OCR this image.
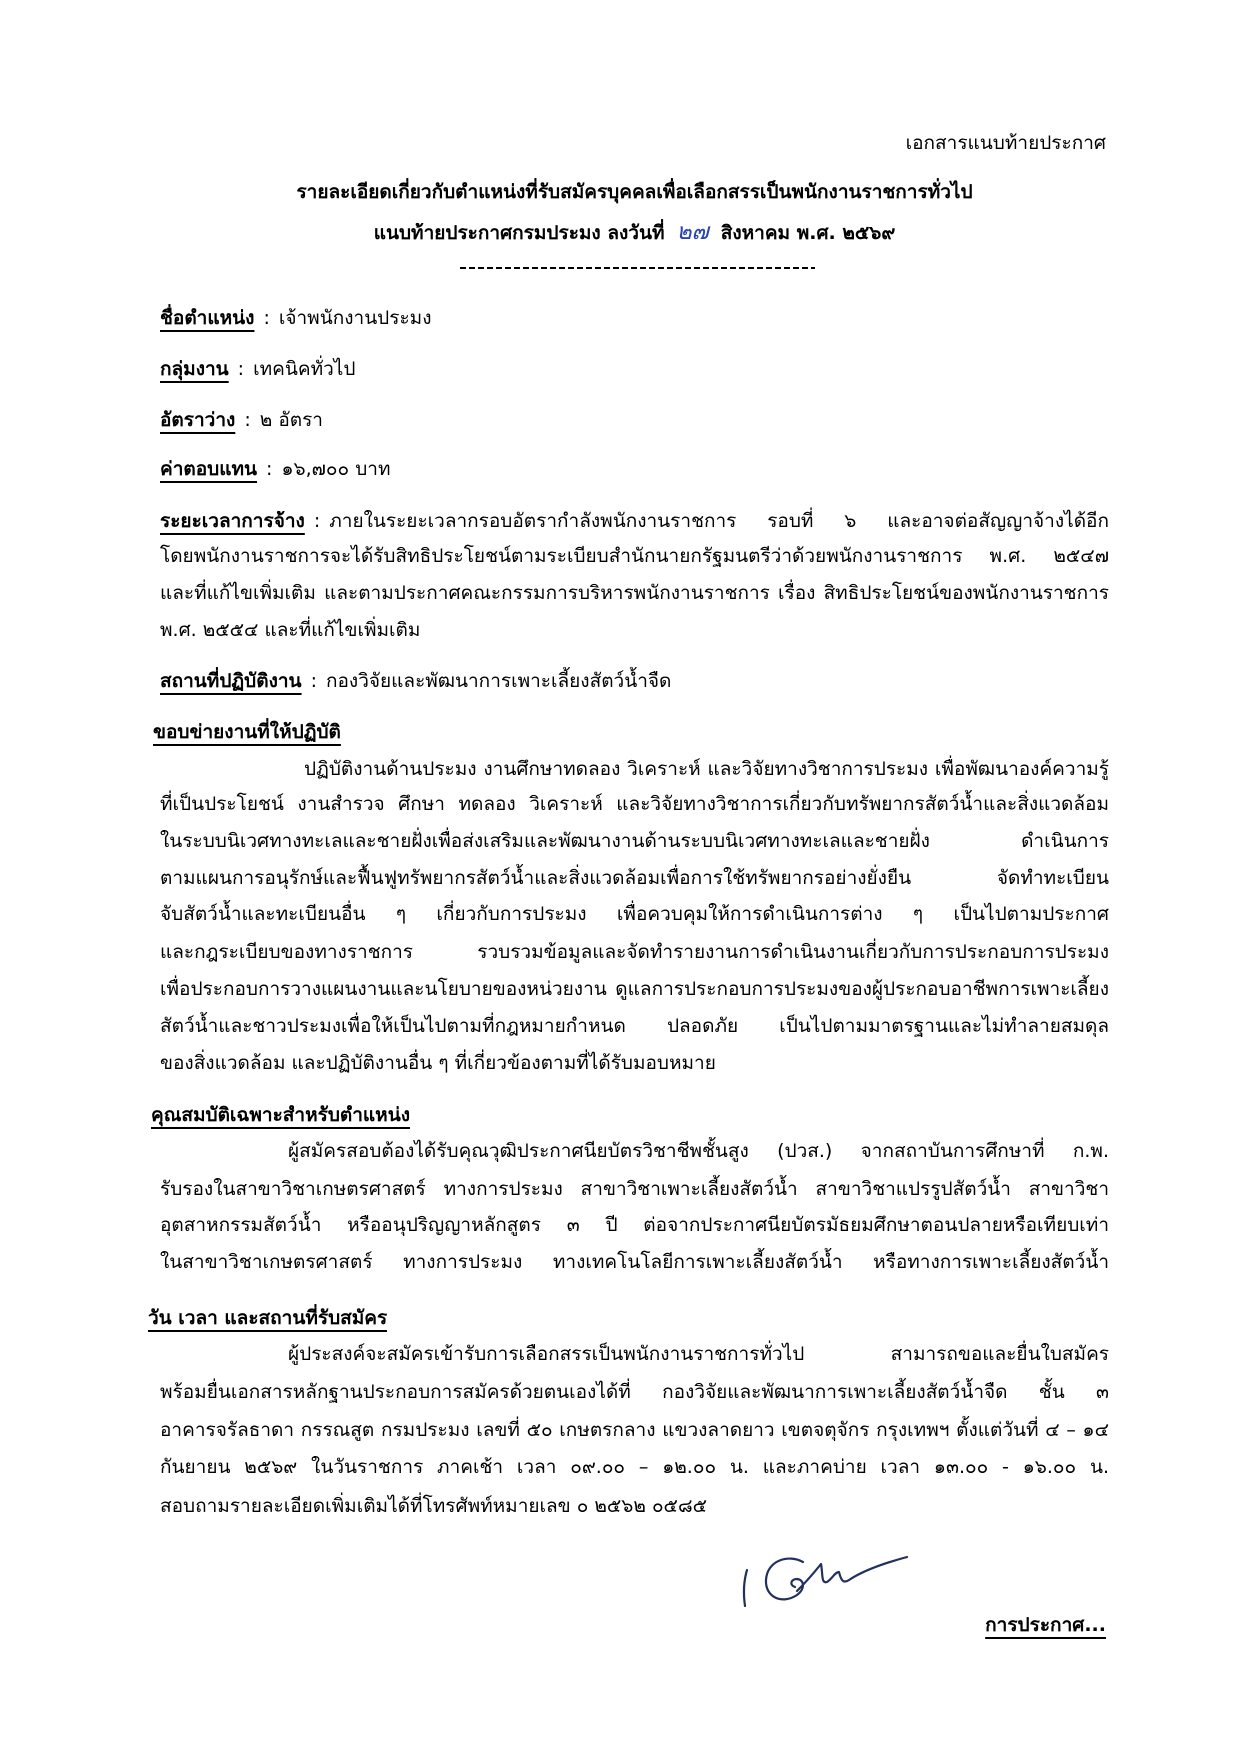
เอกสารแนบท้ายประกาศ
รายละเอียดเกี่ยวกับตำแหน่งที่รับสมัครบุคคลเพื่อเลือกสรรเป็นพนักงานราชการทั่วไป
แนบท้ายประกาศกรมประมง ลงวันที่ ๒๗ สิงหาคม พ.ศ. ๒๕๖๙
ชื่อตำแหน่ง : เจ้าพนักงานประมง
กลุ่มงาน : เทคนิคทั่วไป
อัตราว่าง : ๒ อัตรา
ค่าตอบแทน : ๑๖,๗๐๐ บาท
ระยะเวลาการจ้าง : ภายในระยะเวลากรอบอัตรากำลังพนักงานราชการ รอบที่ ๖ และอาจต่อสัญญาจ้างได้อีก
โดยพนักงานราชการจะได้รับสิทธิประโยชน์ตามระเบียบสำนักนายกรัฐมนตรีว่าด้วยพนักงานราชการ พ.ศ. ๒๕๔๗
และที่แก้ไขเพิ่มเติม และตามประกาศคณะกรรมการบริหารพนักงานราชการ เรื่อง สิทธิประโยชน์ของพนักงานราชการ
พ.ศ. ๒๕๕๔ และที่แก้ไขเพิ่มเติม
สถานที่ปฏิบัติงาน : กองวิจัยและพัฒนาการเพาะเลี้ยงสัตว์น้ำจืด
ขอบข่ายงานที่ให้ปฏิบัติ
ปฏิบัติงานด้านประมง งานศึกษาทดลอง วิเคราะห์ และวิจัยทางวิชาการประมง เพื่อพัฒนาองค์ความรู้
ที่เป็นประโยชน์ งานสำรวจ ศึกษา ทดลอง วิเคราะห์ และวิจัยทางวิชาการเกี่ยวกับทรัพยากรสัตว์น้ำและสิ่งแวดล้อม
ในระบบนิเวศทางทะเลและชายฝั่งเพื่อส่งเสริมและพัฒนางานด้านระบบนิเวศทางทะเลและชายฝั่ง ดำเนินการ
ตามแผนการอนุรักษ์และฟื้นฟูทรัพยากรสัตว์น้ำและสิ่งแวดล้อมเพื่อการใช้ทรัพยากรอย่างยั่งยืน จัดทำทะเบียน
จับสัตว์น้ำและทะเบียนอื่น ๆ เกี่ยวกับการประมง เพื่อควบคุมให้การดำเนินการต่าง ๆ เป็นไปตามประกาศ
และกฎระเบียบของทางราชการ รวบรวมข้อมูลและจัดทำรายงานการดำเนินงานเกี่ยวกับการประกอบการประมง
เพื่อประกอบการวางแผนงานและนโยบายของหน่วยงาน ดูแลการประกอบการประมงของผู้ประกอบอาชีพการเพาะเลี้ยง
สัตว์น้ำและชาวประมงเพื่อให้เป็นไปตามที่กฎหมายกำหนด ปลอดภัย เป็นไปตามมาตรฐานและไม่ทำลายสมดุล
ของสิ่งแวดล้อม และปฏิบัติงานอื่น ๆ ที่เกี่ยวข้องตามที่ได้รับมอบหมาย
คุณสมบัติเฉพาะสำหรับตำแหน่ง
ผู้สมัครสอบต้องได้รับคุณวุฒิประกาศนียบัตรวิชาชีพชั้นสูง (ปวส.) จากสถาบันการศึกษาที่ ก.พ.
รับรองในสาขาวิชาเกษตรศาสตร์ ทางการประมง สาขาวิชาเพาะเลี้ยงสัตว์น้ำ สาขาวิชาแปรรูปสัตว์น้ำ สาขาวิชา
อุตสาหกรรมสัตว์น้ำ หรืออนุปริญญาหลักสูตร ๓ ปี ต่อจากประกาศนียบัตรมัธยมศึกษาตอนปลายหรือเทียบเท่า
ในสาขาวิชาเกษตรศาสตร์ ทางการประมง ทางเทคโนโลยีการเพาะเลี้ยงสัตว์น้ำ หรือทางการเพาะเลี้ยงสัตว์น้ำ
วัน เวลา และสถานที่รับสมัคร
ผู้ประสงค์จะสมัครเข้ารับการเลือกสรรเป็นพนักงานราชการทั่วไป สามารถขอและยื่นใบสมัคร
พร้อมยื่นเอกสารหลักฐานประกอบการสมัครด้วยตนเองได้ที่ กองวิจัยและพัฒนาการเพาะเลี้ยงสัตว์น้ำจืด ชั้น ๓
อาคารจรัลธาดา กรรณสูต กรมประมง เลขที่ ๕๐ เกษตรกลาง แขวงลาดยาว เขตจตุจักร กรุงเทพฯ ตั้งแต่วันที่ ๔ – ๑๔
กันยายน ๒๕๖๙ ในวันราชการ ภาคเช้า เวลา ๐๙.๐๐ – ๑๒.๐๐ น. และภาคบ่าย เวลา ๑๓.๐๐ - ๑๖.๐๐ น.
สอบถามรายละเอียดเพิ่มเติมได้ที่โทรศัพท์หมายเลข ๐ ๒๕๖๒ ๐๕๘๕
การประกาศ...
